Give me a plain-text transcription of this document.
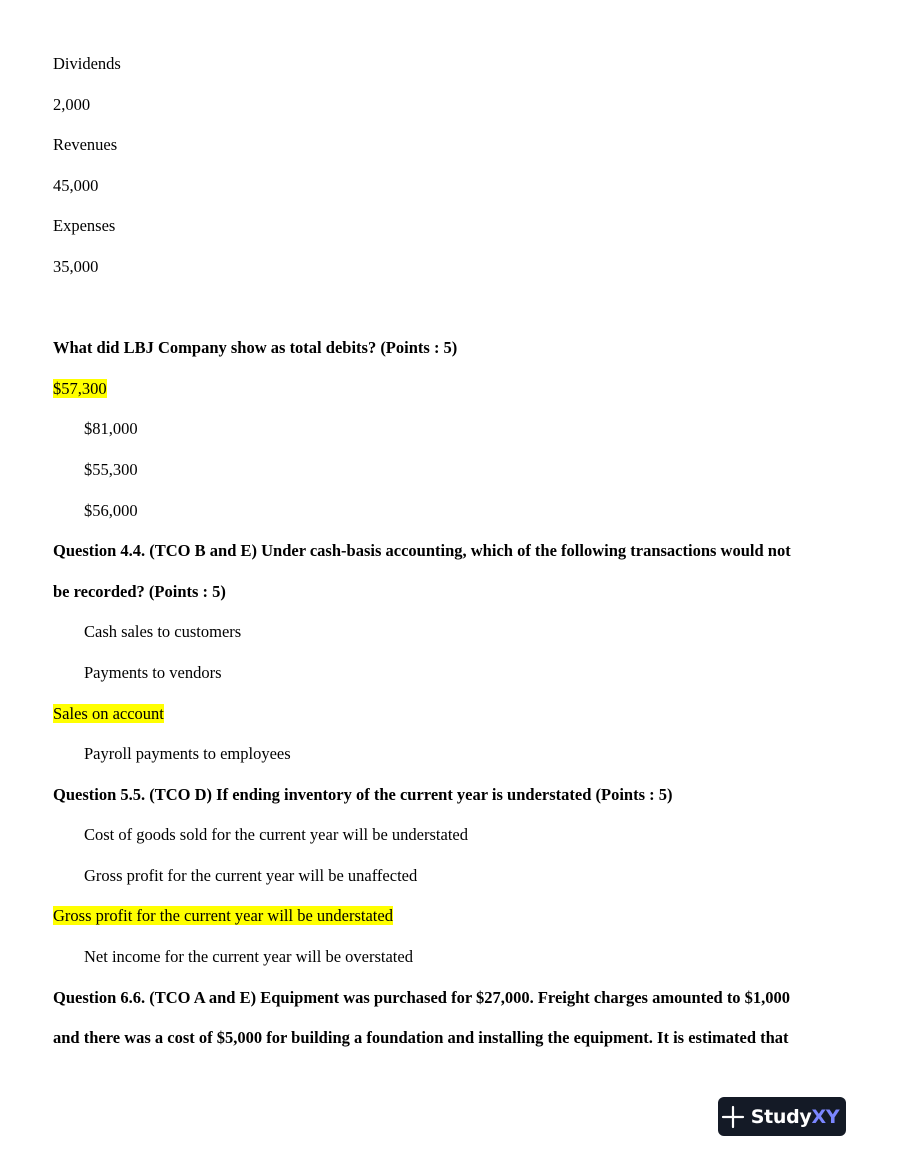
Dividends
2,000
Revenues
45,000
Expenses
35,000
What did LBJ Company show as total debits? (Points : 5)
$57,300
$81,000
$55,300
$56,000
Question 4.4. (TCO B and E) Under cash-basis accounting, which of the following transactions would not
be recorded? (Points : 5)
Cash sales to customers
Payments to vendors
Sales on account
Payroll payments to employees
Question 5.5. (TCO D) If ending inventory of the current year is understated (Points : 5)
Cost of goods sold for the current year will be understated
Gross profit for the current year will be unaffected
Gross profit for the current year will be understated
Net income for the current year will be overstated
Question 6.6. (TCO A and E) Equipment was purchased for $27,000. Freight charges amounted to $1,000
and there was a cost of $5,000 for building a foundation and installing the equipment. It is estimated that
StudyXY
